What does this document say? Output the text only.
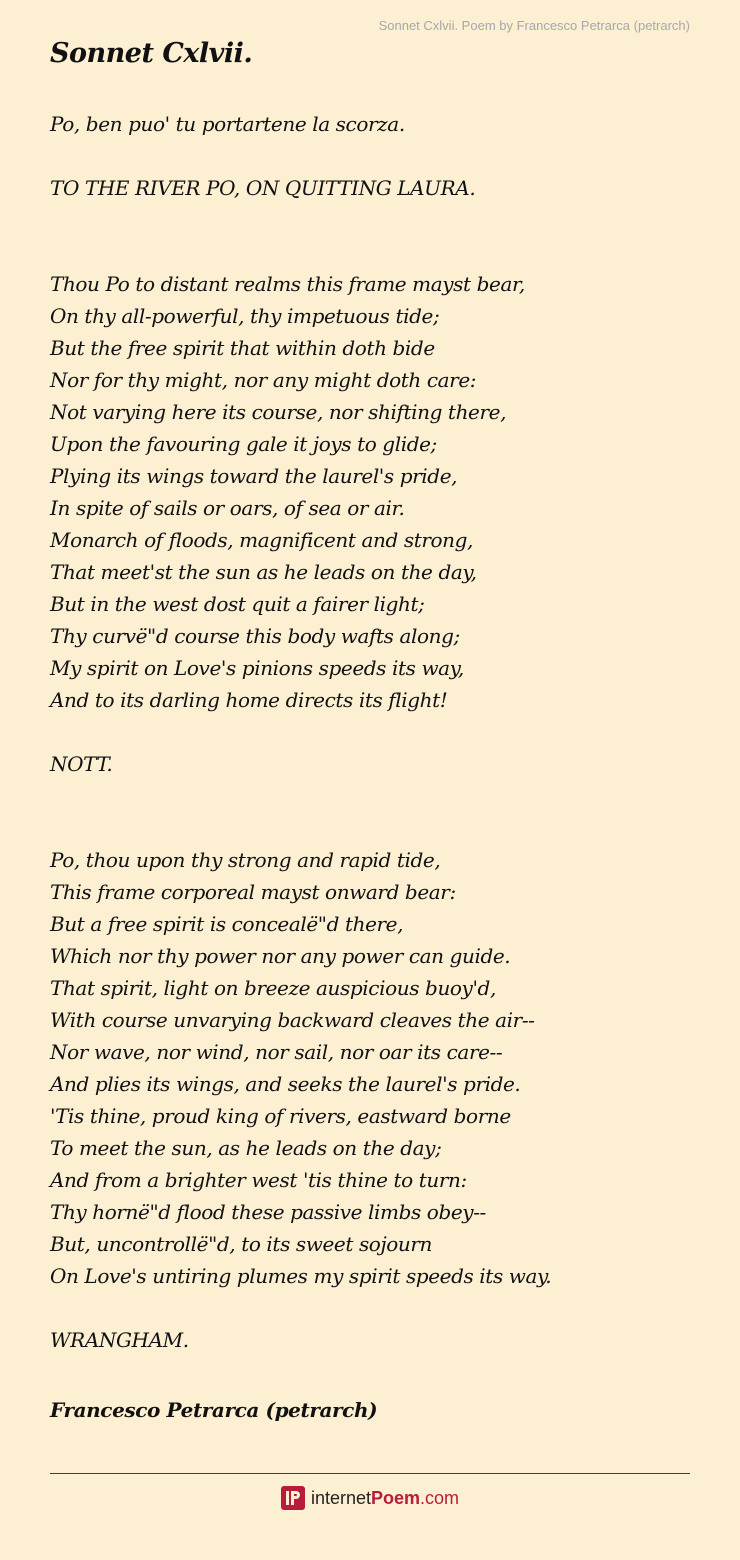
Sonnet Cxlvii. Poem by Francesco Petrarca (petrarch)
Sonnet Cxlvii.
Po, ben puo' tu portartene la scorza.
TO THE RIVER PO, ON QUITTING LAURA.
Thou Po to distant realms this frame mayst bear,
On thy all-powerful, thy impetuous tide;
But the free spirit that within doth bide
Nor for thy might, nor any might doth care:
Not varying here its course, nor shifting there,
Upon the favouring gale it joys to glide;
Plying its wings toward the laurel's pride,
In spite of sails or oars, of sea or air.
Monarch of floods, magnificent and strong,
That meet'st the sun as he leads on the day,
But in the west dost quit a fairer light;
Thy curvë"d course this body wafts along;
My spirit on Love's pinions speeds its way,
And to its darling home directs its flight!
NOTT.
Po, thou upon thy strong and rapid tide,
This frame corporeal mayst onward bear:
But a free spirit is concealë"d there,
Which nor thy power nor any power can guide.
That spirit, light on breeze auspicious buoy'd,
With course unvarying backward cleaves the air--
Nor wave, nor wind, nor sail, nor oar its care--
And plies its wings, and seeks the laurel's pride.
'Tis thine, proud king of rivers, eastward borne
To meet the sun, as he leads on the day;
And from a brighter west 'tis thine to turn:
Thy hornë"d flood these passive limbs obey--
But, uncontrollë"d, to its sweet sojourn
On Love's untiring plumes my spirit speeds its way.
WRANGHAM.
Francesco Petrarca (petrarch)
internetPoem.com
